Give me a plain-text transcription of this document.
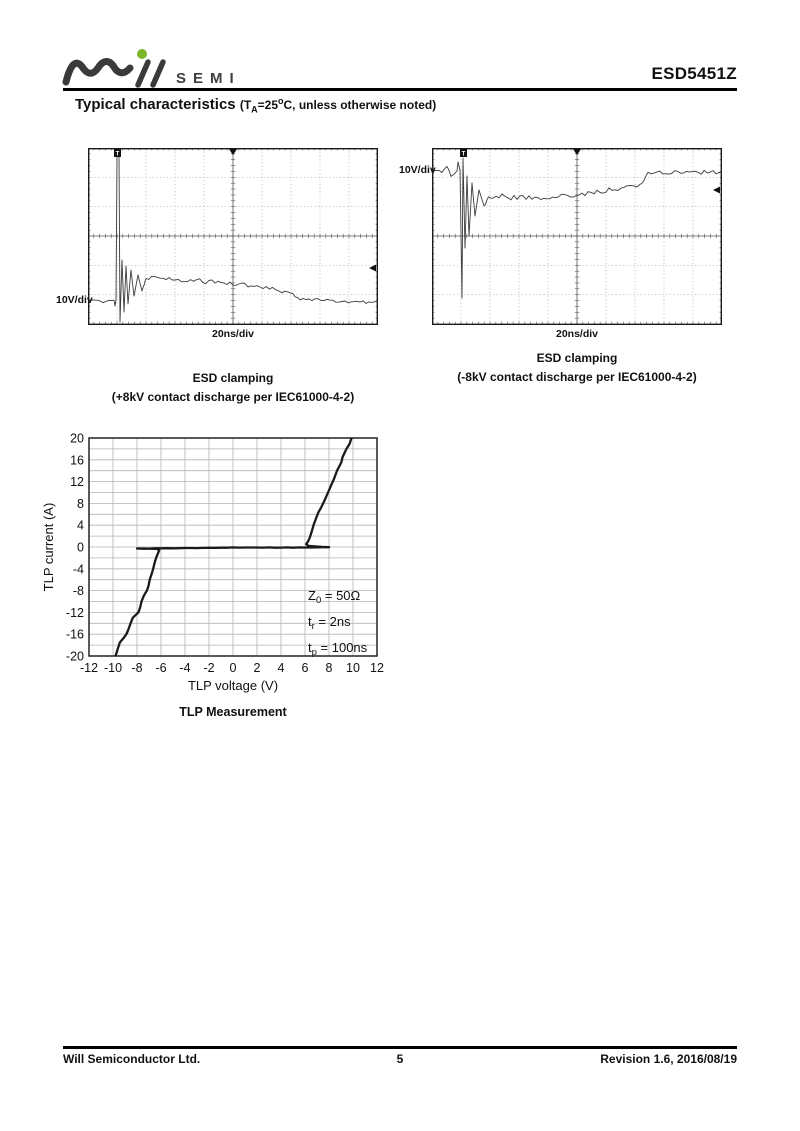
SEMI	ESD5451Z
Typical characteristics ($T_A=25^oC$, unless otherwise noted)
T
10V/div
20ns/div
ESD clamping
(+8kV contact discharge per IEC61000-4-2)
T
10V/div
20ns/div
ESD clamping
(-8kV contact discharge per IEC61000-4-2)
-12 -10 -8 -6 -4 -2 0 2 4 6 8 10 12
20
16
12
8
4
0
-4
-8
-12
-16
-20
TLP voltage (V)
TLP current (A)
$Z_0 = 50\Omega$
$t_r = 2ns$
$t_p = 100ns$
TLP Measurement
Will Semiconductor Ltd.	5	Revision 1.6, 2016/08/19
